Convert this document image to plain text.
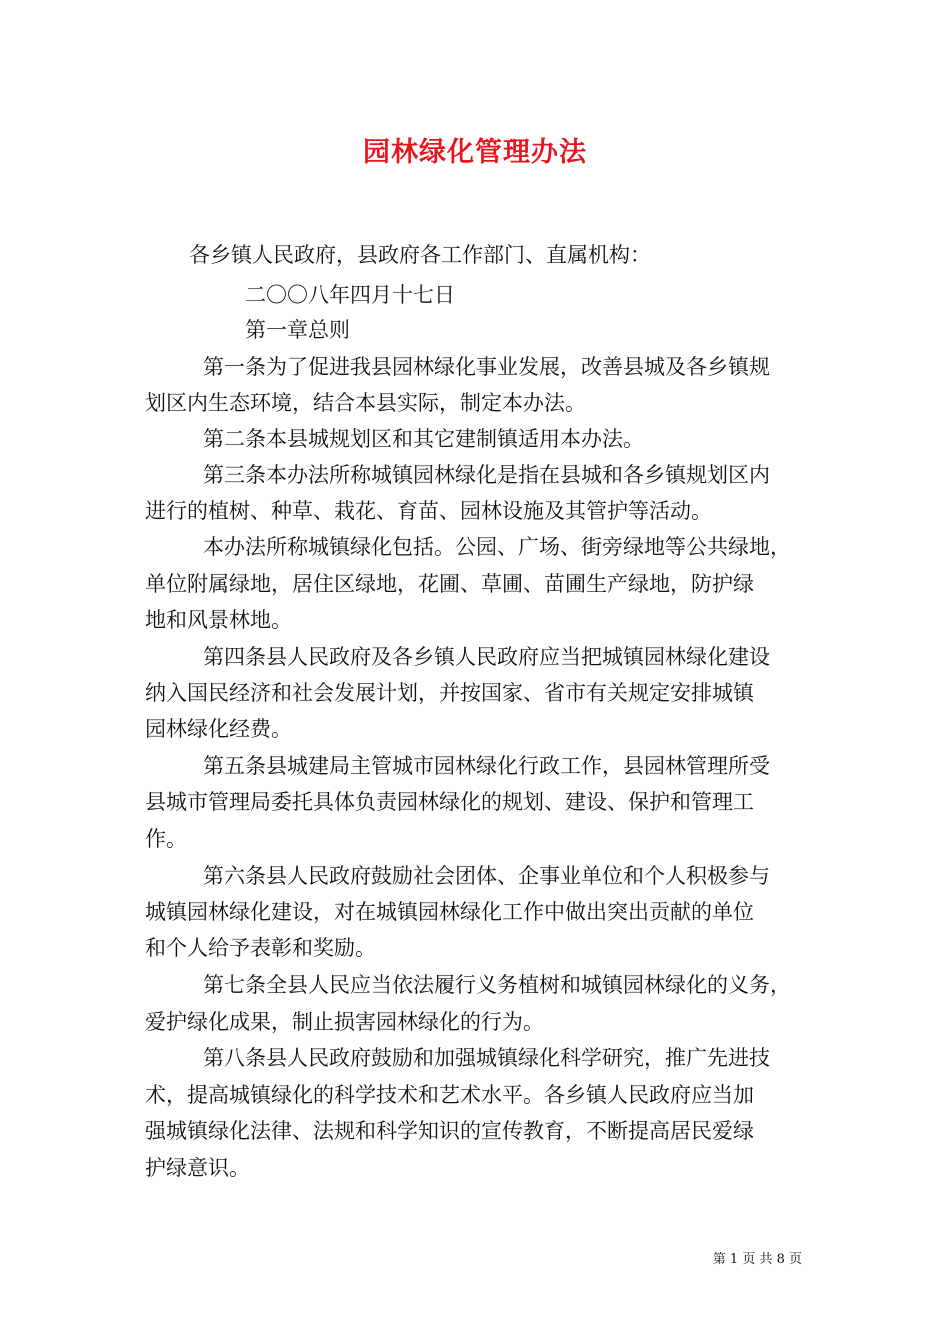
园林绿化管理办法

各乡镇人民政府，县政府各工作部门、直属机构：

二〇〇八年四月十七日

第一章总则

第一条为了促进我县园林绿化事业发展，改善县城及各乡镇规

划区内生态环境，结合本县实际，制定本办法。

第二条本县城规划区和其它建制镇适用本办法。

第三条本办法所称城镇园林绿化是指在县城和各乡镇规划区内

进行的植树、种草、栽花、育苗、园林设施及其管护等活动。

本办法所称城镇绿化包括。公园、广场、街旁绿地等公共绿地，

单位附属绿地，居住区绿地，花圃、草圃、苗圃生产绿地，防护绿

地和风景林地。

第四条县人民政府及各乡镇人民政府应当把城镇园林绿化建设

纳入国民经济和社会发展计划，并按国家、省市有关规定安排城镇

园林绿化经费。

第五条县城建局主管城市园林绿化行政工作，县园林管理所受

县城市管理局委托具体负责园林绿化的规划、建设、保护和管理工

作。

第六条县人民政府鼓励社会团体、企事业单位和个人积极参与

城镇园林绿化建设，对在城镇园林绿化工作中做出突出贡献的单位

和个人给予表彰和奖励。

第七条全县人民应当依法履行义务植树和城镇园林绿化的义务，

爱护绿化成果，制止损害园林绿化的行为。

第八条县人民政府鼓励和加强城镇绿化科学研究，推广先进技

术，提高城镇绿化的科学技术和艺术水平。各乡镇人民政府应当加

强城镇绿化法律、法规和科学知识的宣传教育，不断提高居民爱绿

护绿意识。

第 1 页 共 8 页
